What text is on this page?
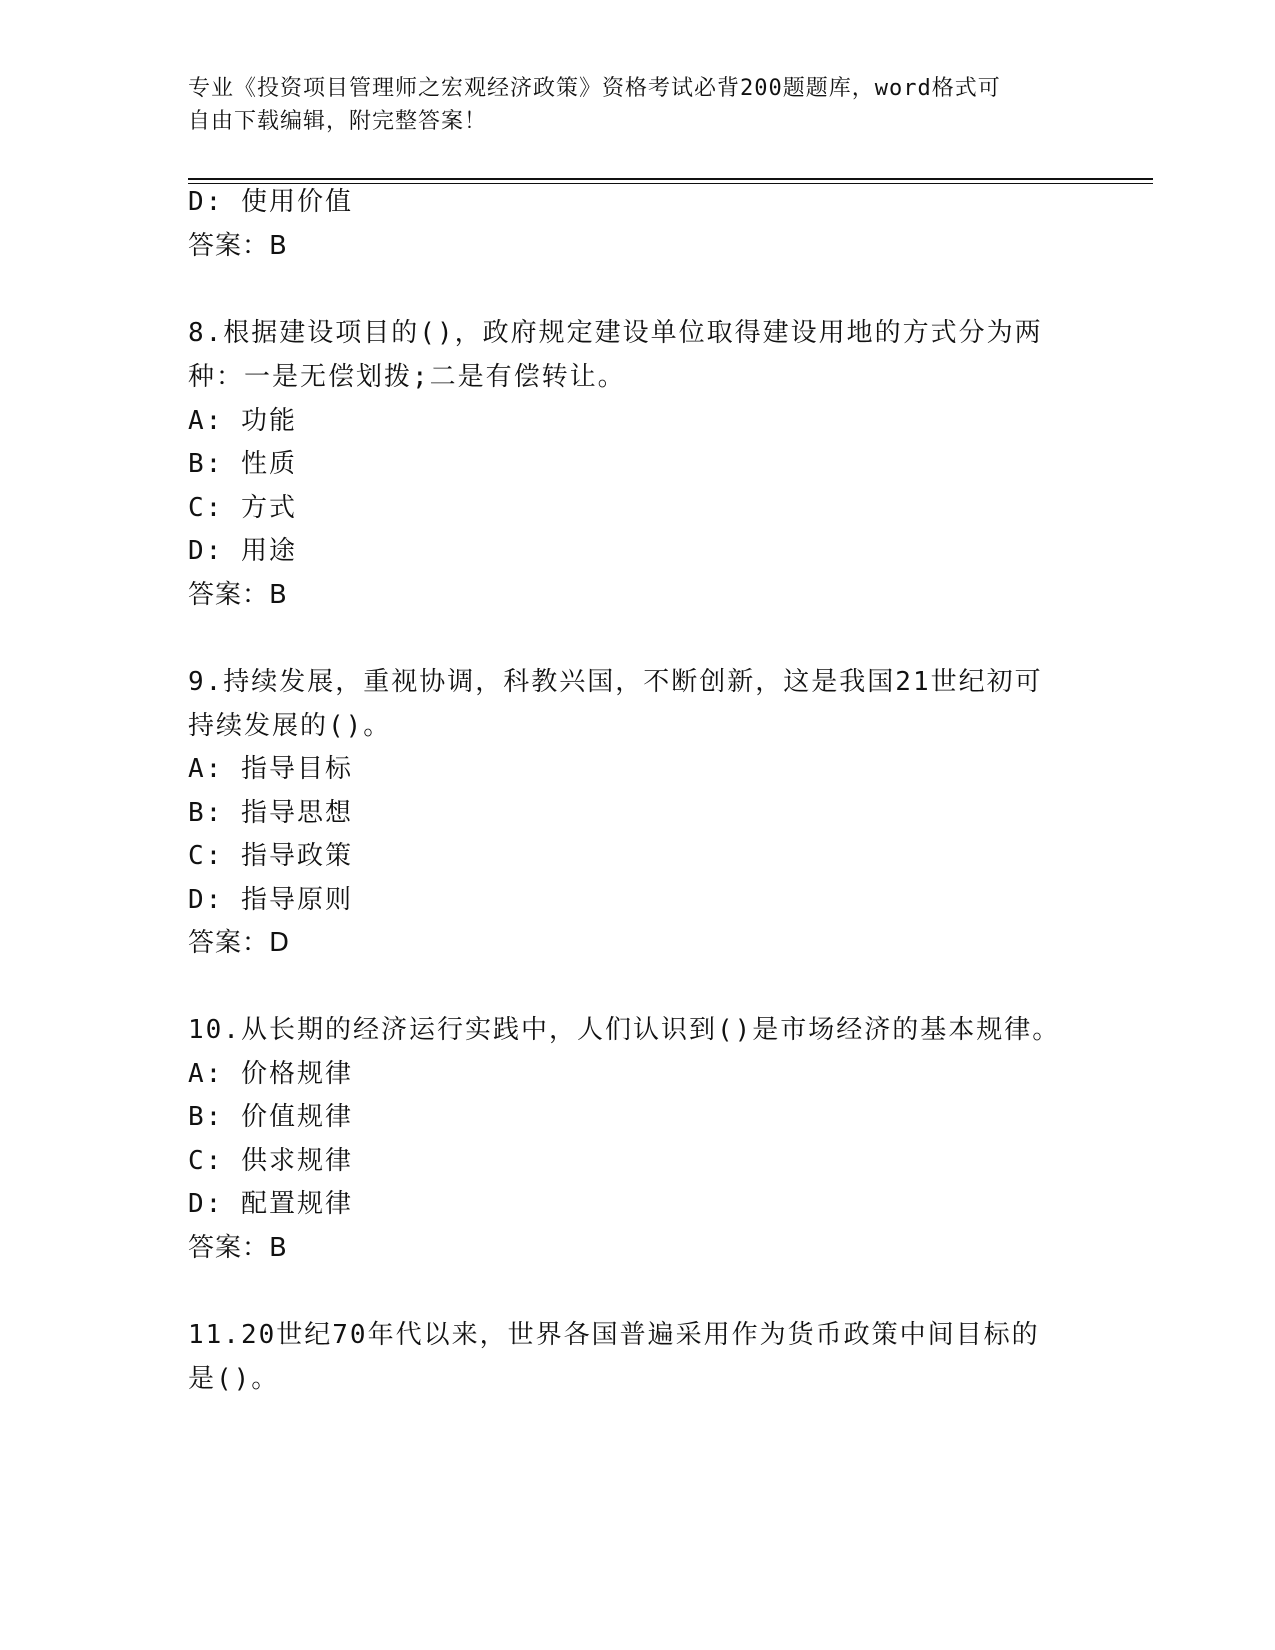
专业《投资项目管理师之宏观经济政策》资格考试必背200题题库，word格式可
自由下载编辑，附完整答案！
D: 使用价值
答案：B
8.根据建设项目的()，政府规定建设单位取得建设用地的方式分为两
种：一是无偿划拨;二是有偿转让。
A: 功能
B: 性质
C: 方式
D: 用途
答案：B
9.持续发展，重视协调，科教兴国，不断创新，这是我国21世纪初可
持续发展的()。
A: 指导目标
B: 指导思想
C: 指导政策
D: 指导原则
答案：D
10.从长期的经济运行实践中，人们认识到()是市场经济的基本规律。
A: 价格规律
B: 价值规律
C: 供求规律
D: 配置规律
答案：B
11.20世纪70年代以来，世界各国普遍采用作为货币政策中间目标的
是()。
